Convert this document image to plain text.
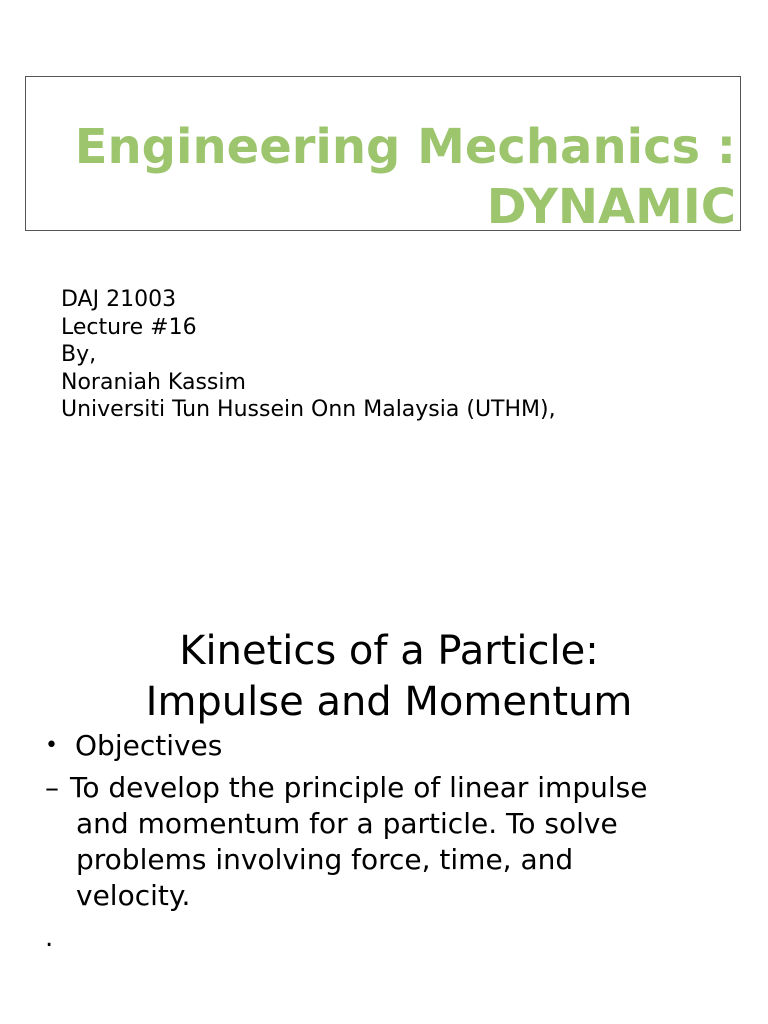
Engineering Mechanics :
DYNAMIC
DAJ 21003
Lecture #16
By,
Noraniah Kassim
Universiti Tun Hussein Onn Malaysia (UTHM),
Kinetics of a Particle:
Impulse and Momentum
• Objectives
– To develop the principle of linear impulse
and momentum for a particle. To solve
problems involving force, time, and
velocity.
.
